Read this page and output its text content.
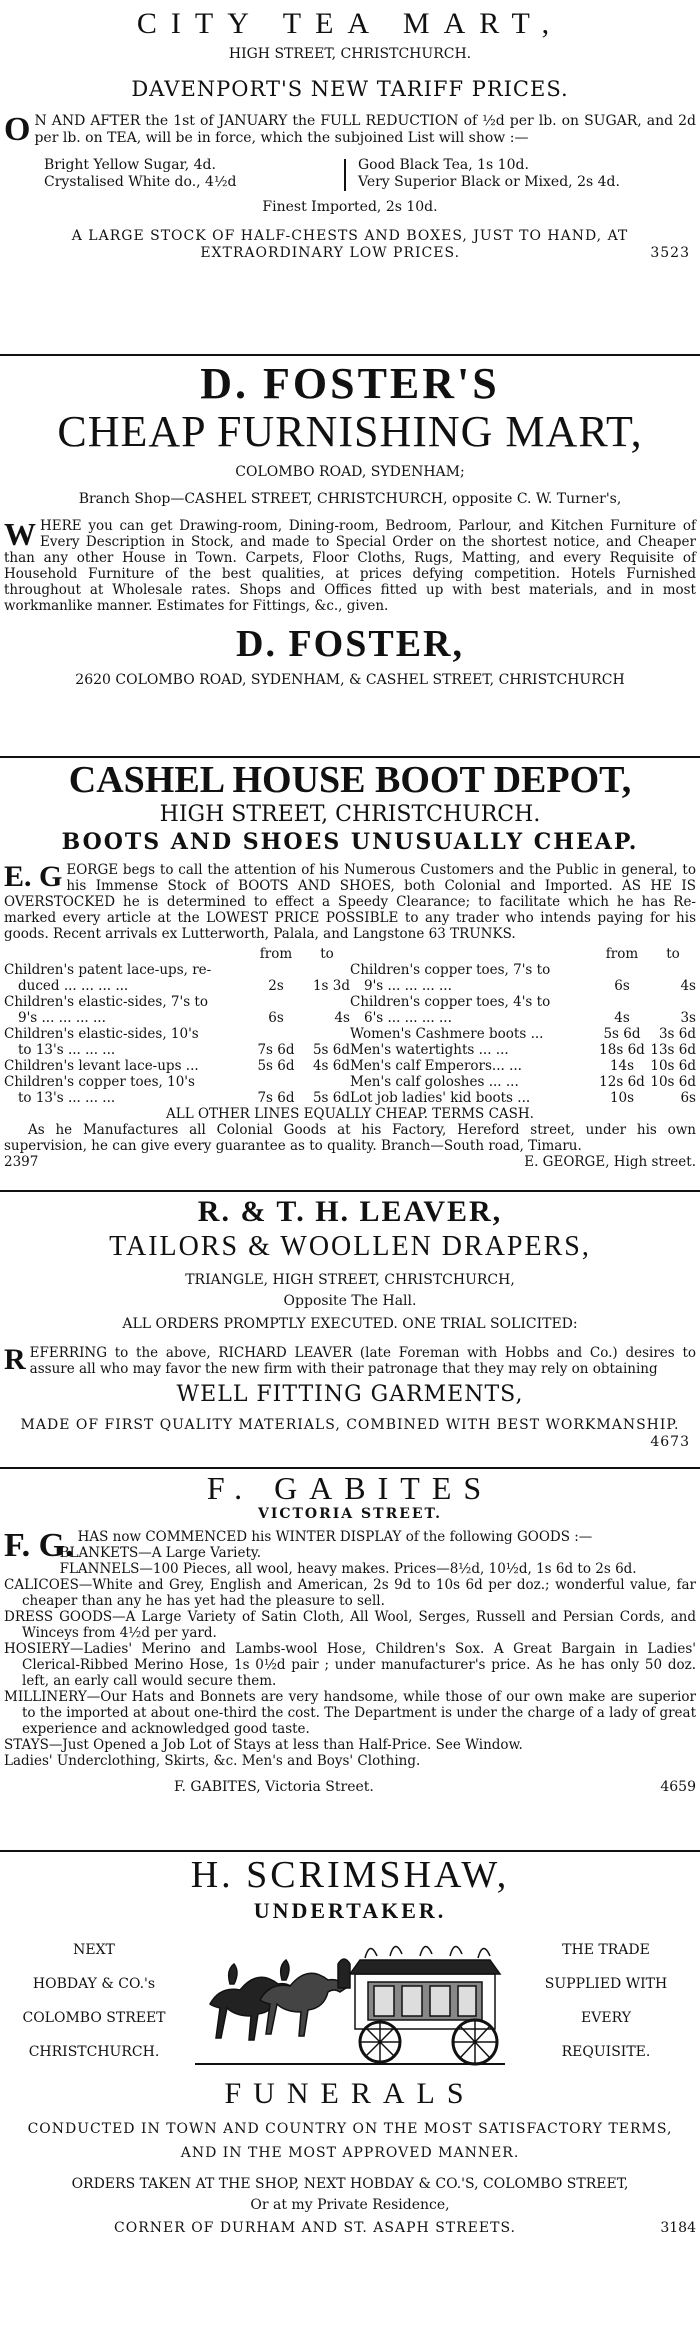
CITY TEA MART,
HIGH STREET, CHRISTCHURCH.
DAVENPORT'S NEW TARIFF PRICES.
O N AND AFTER the 1st of JANUARY the FULL REDUCTION of ½d per lb. on SUGAR, and 2d per lb. on TEA, will be in force, which the subjoined List will show :—
Bright Yellow Sugar, 4d.
Crystalised White do., 4½d
Good Black Tea, 1s 10d.
Very Superior Black or Mixed, 2s 4d.
Finest Imported, 2s 10d.
A LARGE STOCK OF HALF-CHESTS AND BOXES, JUST TO HAND, AT EXTRAORDINARY LOW PRICES.	3523
D. FOSTER'S
CHEAP FURNISHING MART,
COLOMBO ROAD, SYDENHAM;
Branch Shop—CASHEL STREET, CHRISTCHURCH, opposite C. W. Turner's,
WHERE you can get Drawing-room, Dining-room, Bedroom, Parlour, and Kitchen Furniture of Every Description in Stock, and made to Special Order on the shortest notice, and Cheaper than any other House in Town. Carpets, Floor Cloths, Rugs, Matting, and every Requisite of Household Furniture of the best qualities, at prices defying competition. Hotels Furnished throughout at Wholesale rates. Shops and Offices fitted up with best materials, and in most workmanlike manner. Estimates for Fittings, &c., given.
D. FOSTER,
2620 COLOMBO ROAD, SYDENHAM, & CASHEL STREET, CHRISTCHURCH
CASHEL HOUSE BOOT DEPOT,
HIGH STREET, CHRISTCHURCH.
BOOTS AND SHOES UNUSUALLY CHEAP.
E. G EORGE begs to call the attention of his Numerous Customers and the Public in general, to his Immense Stock of BOOTS AND SHOES, both Colonial and Imported. AS HE IS OVERSTOCKED he is determined to effect a Speedy Clearance; to facilitate which he has Re-marked every article at the LOWEST PRICE POSSIBLE to any trader who intends paying for his goods. Recent arrivals ex Lutterworth, Palala, and Langstone 63 TRUNKS.
	from	to

Children's patent lace-ups, re-
duced ... ... ... ...	2s	1s 3d

Children's elastic-sides, 7's to
9's ... ... ... ...	6s	4s

Children's elastic-sides, 10's
to 13's ... ... ...	7s 6d	5s 6d

Children's levant lace-ups ...	5s 6d	4s 6d

Children's copper toes, 10's
to 13's ... ... ...	7s 6d	5s 6d
	from	to

Children's copper toes, 7's to
9's ... ... ... ...	6s	4s

Children's copper toes, 4's to
6's ... ... ... ...	4s	3s

Women's Cashmere boots ...	5s 6d	3s 6d

Men's watertights ... ...	18s 6d	13s 6d

Men's calf Emperors... ...	14s	10s 6d

Men's calf goloshes ... ...	12s 6d	10s 6d

Lot job ladies' kid boots ...	10s	6s
ALL OTHER LINES EQUALLY CHEAP. TERMS CASH.
As he Manufactures all Colonial Goods at his Factory, Hereford street, under his own supervision, he can give every guarantee as to quality. Branch—South road, Timaru.
2397	E. GEORGE, High street.
R. & T. H. LEAVER,
TAILORS & WOOLLEN DRAPERS,
TRIANGLE, HIGH STREET, CHRISTCHURCH,
Opposite The Hall.
ALL ORDERS PROMPTLY EXECUTED. ONE TRIAL SOLICITED:
REFERRING to the above, RICHARD LEAVER (late Foreman with Hobbs and Co.) desires to assure all who may favor the new firm with their patronage that they may rely on obtaining
WELL FITTING GARMENTS,
MADE OF FIRST QUALITY MATERIALS, COMBINED WITH BEST WORKMANSHIP.
4673
F. GABITES
VICTORIA STREET.
F. G. HAS now COMMENCED his WINTER DISPLAY of the following GOODS :—
BLANKETS—A Large Variety.
FLANNELS—100 Pieces, all wool, heavy makes. Prices—8½d, 10½d, 1s 6d to 2s 6d.
CALICOES—White and Grey, English and American, 2s 9d to 10s 6d per doz.; wonderful value, far cheaper than any he has yet had the pleasure to sell.
DRESS GOODS—A Large Variety of Satin Cloth, All Wool, Serges, Russell and Persian Cords, and Winceys from 4½d per yard.
HOSIERY—Ladies' Merino and Lambs-wool Hose, Children's Sox. A Great Bargain in Ladies' Clerical-Ribbed Merino Hose, 1s 0½d pair ; under manufacturer's price. As he has only 50 doz. left, an early call would secure them.
MILLINERY—Our Hats and Bonnets are very handsome, while those of our own make are superior to the imported at about one-third the cost. The Department is under the charge of a lady of great experience and acknowledged good taste.
STAYS—Just Opened a Job Lot of Stays at less than Half-Price. See Window.
Ladies' Underclothing, Skirts, &c. Men's and Boys' Clothing.
F. GABITES, Victoria Street.	4659
H. SCRIMSHAW,
UNDERTAKER.
NEXT
HOBDAY & CO.'s
COLOMBO STREET
CHRISTCHURCH.
THE TRADE
SUPPLIED WITH
EVERY
REQUISITE.
FUNERALS
CONDUCTED IN TOWN AND COUNTRY ON THE MOST SATISFACTORY TERMS,
AND IN THE MOST APPROVED MANNER.
ORDERS TAKEN AT THE SHOP, NEXT HOBDAY & CO.'S, COLOMBO STREET,
Or at my Private Residence,
CORNER OF DURHAM AND ST. ASAPH STREETS.	3184
